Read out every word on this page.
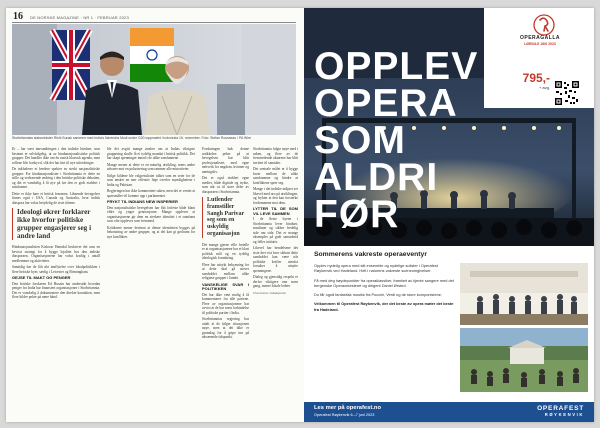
16 DE NORSKE MAGAZINE · NR 1 · FEBRUAR 2023
Storbritannias statsminister Rishi Sunak sammen med India's Narendra Modi under G20-toppmøtet i Indonesia 16. november. Foto: Stefan Rousseau / PA Wire

Er – har vært innvandringen i den indiske hinduer, som bestemt er selvfølgelig, ut av hindunasjonalistiske politisk grupper. Det handler ikke om én rasisk klassisk agenda, men rollene blir forskyvd, slik det har ført til nye utfordringer.

De inkluderer et bredere spekter av sterkt nasjonalistiske grupper. For hindunasjonalister i Storbritannia er dette en stille og vedvarende endring i den britiske politiske debatten, og det er vanskelig å få øye på før den er godt etablert i samfunnet.

Dette er ikke bare et britisk fenomen. Liknende bevegelser finnes også i USA, Canada og Australia, hvor indisk diaspora har vokst betydelig de siste tiårene.

Ideologi økrer forklarer ikke hvorfor politiske grupper engasjerer seg i andre land

Hindunasjonalisten Kishwar Hansdal beskriver det som en bevisst strategi for å bygge lojalitet hos den indiske diasporaen. Organisasjonene har vokst kraftig i antall medlemmer og aktiviteter.

Samtidig har de fått økt innflytelse over lokalpolitikken i flere britiske byer, særlig i Leicester og Birmingham.

GEJSE TIL MAKT OG PENGER

Den britiske forskeren Ed Husain har undersøkt hvordan penger fra India har finansiert organisasjoner i Storbritannia. Det er vanskelig å dokumentere den direkte kontakten, men flere kilder peker på nære bånd.

ble det avgitt mange ønsker om at Indias viktigste gruppering skulle få et tydelig mandat i britisk politikk. Det har skapt spenninger innad i de ulike samfunnene.

Mange mener at dette er en naturlig utvikling, mens andre advarer mot en polarisering som rammer alle minoriteter.

Ifølge kildene ble valgresultatet tolket som en seier for de som ønsket en mer offensiv linje overfor myndighetene i India og Pakistan.

Regjeringen har ikke kommentert saken, men det er ventet at spørsmålet vil komme opp i parlamentet.

FRYKT TIL INDIANS NEW INSPERIER

Den nasjonalistiske bevegelsen har fått fotfeste både blant eldre og yngre generasjoner. Mange opplever at organisasjonene gir dem en sterkere identitet i et samfunn som ofte oppleves som fremmed.

Kritikerne mener derimot at denne identiteten bygges på bekostning av andre grupper, og at det kan gi grobunn for nye konflikter.

Forskningen bak denne artikkelen peker på at bevegelsen har blitt profesjonalisert, med egne nettverk for ungdom, kvinner og næringsliv.

Det er også etablert egne medier, både digitale og trykte, som når ut til store deler av diasporaen i Storbritannia.

Lutlender framstiller Sangh Parivar seg som en uskyldig organisasjon

Det mange gjerne ville fortelle er at organisasjonene har et klart politisk mål og en tydelig ideologisk forankring.

Flere har uttrykt bekymring for at dette skal gå utover samholdet mellom ulike religiøse grupper i landet.

VANSKELIGE SVAR I POLITIKKEN

Det har ikke vært mulig å få kommentarer fra alle partene. Flere av organisasjonene har avvist at de har noen forbindelse til politiske partier i India.

Storbritannias regjering har uttalt at de følger situasjonen nøye, men at det ikke er grunnlag for å gripe inn på nåværende tidspunkt.

Storbritannia fulgte nøye med i saken, og flere av de fremtredende aktørene har blitt invitert til samtaler.

Det sentrale målet er å bygge broer mellom de ulike samfunnene og hindre at konfliktene sprer seg.

Mange i det indiske miljøet ser likevel med uro på utviklingen, og frykter at den kan forsterke fordommene mot dem.

LYTTER TIL DE SOM VIL LEVE SAMMEN

I de fleste byene i Storbritannia lever hinduer, muslimer og sikher fredelig side om side. Det er mange eksempler på godt samarbeid og felles initiativ.

Likevel har hendelsene det siste året vist hvor sårbart dette samholdet kan være når politiske krefter utenfra forsøker å utnytte spenningene.

Dialog og gjensidig respekt er derfor viktigere enn noen gang, mener lokale ledere.

Oversatt av redaksjonen
OPERAGALLA
LØRDAG 16/6 2023
795,-
+ avg.
OPPLEV
OPERA
SOM
ALDRI
FØR
Sommerens vakreste operaeventyr

Opplev nydelig opera med sitt ensemble og nydelige solister i Operafest Røykenvik ved Hadeland. Helt i naturens vakreste sceneomgivelser.

Få med deg høydepunkter fra operaklassiker, framført av kjente sangere med det bergenske Operaorkesteret og dirigent Daniel Ørsted.

Du får også fantastisk musikk fra Puccini, Verdi og de store komponistene.

Velkommen til Operafest Røykenvik, der det beste av opera møter det beste fra Hadeland.

Les mer på operafest.no
Operafest Røykenvik 6.–7 juni 2023
OPERAFEST
RØYKENVIK
